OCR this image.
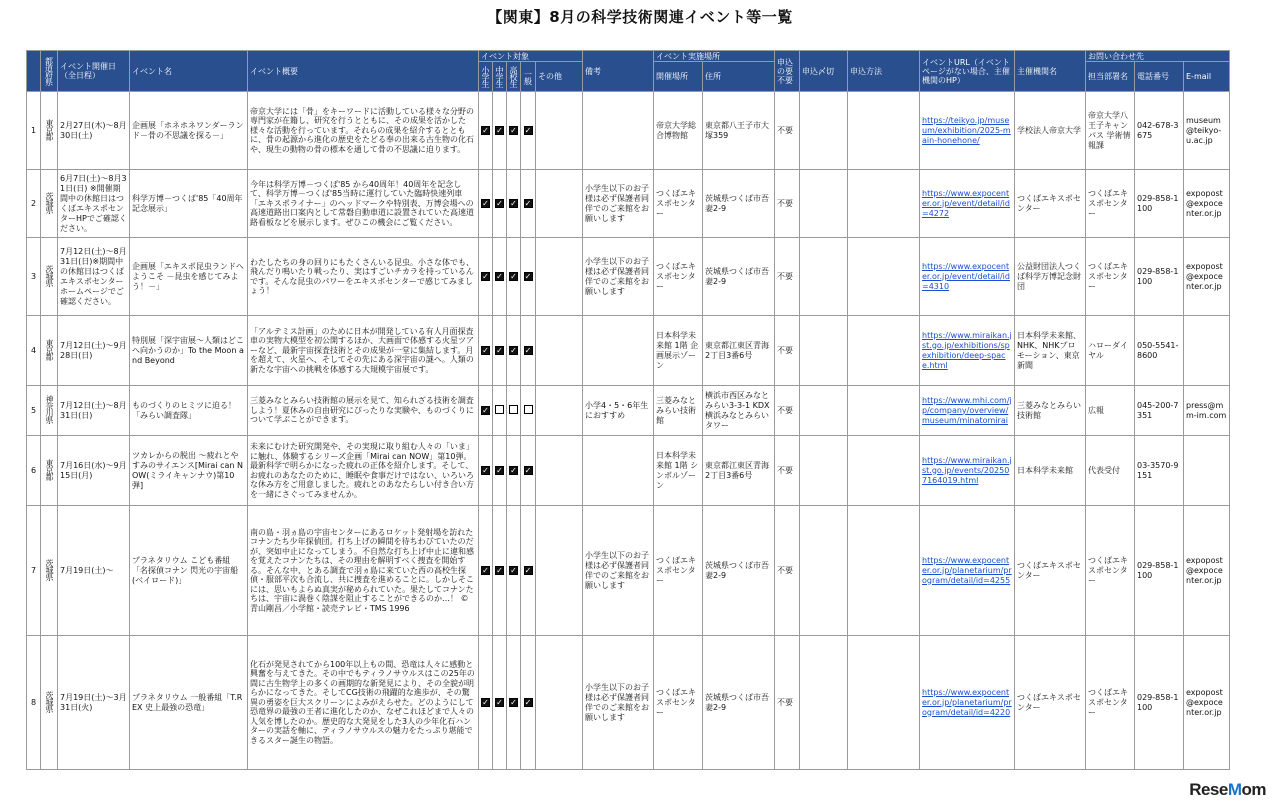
【関東】8月の科学技術関連イベント等一覧

	都道府県	イベント開催日（全日程）	イベント名	イベント概要	イベント対象					備考	イベント実施場所		申込の要不要	申込〆切	申込方法	イベントURL（イベントページがない場合、主催機関のHP）	主催機関名	お問い合わせ先		

					小学生	中学生	高校生	一般	その他		開催場所	住所						担当部署名	電話番号	E-mail
1	東京都	2月27日(木)～8月30日(土)	企画展「ホネホネワンダーランド－骨の不思議を探る－」	帝京大学には「骨」をキーワードに活動している様々な分野の専門家が在籍し、研究を行うとともに、その成果を活かした様々な活動を行っています。それらの成果を紹介するとともに、骨の起源から進化の歴史をたどる奉の出来る古生物の化石や、現生の動物の骨の標本を通して骨の不思議に迫ります。	✓	✓	✓	✓			帝京大学総合博物館	東京都八王子市大塚359	不要			https://teikyo.jp/museum/exhibition/2025-main-honehone/	学校法人帝京大学	帝京大学八王子キャンパス 学術情報課	042-678-3675	museum@teikyo-u.ac.jp
2	茨城県	6月7日(土)～8月31日(日) ※開催期間中の休館日はつくばエキスポセンターHPでご確認ください。	科学万博－つくば'85「40周年記念展示」	今年は科学万博－つくば'85 から40周年！40周年を記念して、科学万博－つくば'85当時に運行していた臨時快速列車「エキスポライナー」のヘッドマークや特別表、万博会場への高速道路出口案内として常磐自動車道に設置されていた高速道路看板などを展示します。ぜひこの機会にご覧ください。	✓	✓	✓	✓		小学生以下のお子様は必ず保護者同伴でのご来館をお願いします	つくばエキスポセンター	茨城県つくば市吾妻2-9	不要			https://www.expocenter.or.jp/event/detail/id=4272	つくばエキスポセンター	つくばエキスポセンター	029-858-1100	expopost@expocenter.or.jp
3	茨城県	7月12日(土)～8月31日(日)※期間中の休館日はつくばエキスポセンターホームページでご確認ください。	企画展「エキスポ昆虫ランドへようこそ －昆虫を感じてみよう！－」	わたしたちの身の回りにもたくさんいる昆虫。小さな体でも、飛んだり鳴いたり戦ったり、実はすごいチカラを持っているんです。そんな昆虫のパワーをエキスポセンターで感じてみましょう！	✓	✓	✓	✓		小学生以下のお子様は必ず保護者同伴でのご来館をお願いします	つくばエキスポセンター	茨城県つくば市吾妻2-9	不要			https://www.expocenter.or.jp/event/detail/id=4310	公益財団法人つくば科学万博記念財団	つくばエキスポセンター	029-858-1100	expopost@expocenter.or.jp
4	東京都	7月12日(土)～9月28日(日)	特別展「深宇宙展～人類はどこへ向かうのか」To the Moon and Beyond	「アルテミス計画」のために日本が開発している有人月面探査車の実物大模型を初公開するほか、大画面で体感する火星ツアーなど、最新宇宙探査技術とその成果が一堂に集結します。月を超えて、火星へ、そしてその先にある深宇宙の謎へ。人類の新たな宇宙への挑戦を体感する大規模宇宙展です。	✓	✓	✓	✓			日本科学未来館 1階 企画展示ゾーン	東京都江東区青海2丁目3番6号	不要			https://www.miraikan.jst.go.jp/exhibitions/spexhibition/deep-space.html	日本科学未来館、NHK、NHKプロモーション、東京新聞	ハローダイヤル	050-5541-8600	
5	神奈川県	7月12日(土)～8月31日(日)	ものづくりのヒミツに迫る！「みらい調査隊」	三菱みなとみらい技術館の展示を見て、知られざる技術を調査しよう！夏休みの自由研究にぴったりな実験や、ものづくりについて学ぶことができます。	✓					小学4・5・6年生におすすめ	三菱みなとみらい技術館	横浜市西区みなとみらい3-3-1 KDX横浜みなとみらいタワー	不要			https://www.mhi.com/jp/company/overview/museum/minatomirai	三菱みなとみらい技術館	広報	045-200-7351	press@mm-im.com
6	東京都	7月16日(水)～9月15日(月)	ツカレからの脱出 ～疲れとやすみのサイエンス[Mirai can NOW(ミライキャンナウ)第10弾]	未来にむけた研究開発や、その実現に取り組む人々の「いま」に触れ、体験するシリーズ企画「Mirai can NOW」第10弾。最新科学で明らかになった疲れの正体を紹介します。そして、お疲れのあなたのために、睡眠や食事だけではない、いろいろな休み方をご用意しました。疲れとのあなたらしい付き合い方を一緒にさぐってみませんか。	✓	✓	✓	✓			日本科学未来館 1階 シンボルゾーン	東京都江東区青海2丁目3番6号	不要			https://www.miraikan.jst.go.jp/events/202507164019.html	日本科学未来館	代表受付	03-3570-9151	
7	茨城県	7月19日(土)～	プラネタリウム こども番組「名探偵コナン 閃光の宇宙船(ベイロード)」	南の島・羽ヵ島の宇宙センターにあるロケット発射場を訪れたコナンたち少年探偵団。打ち上げの瞬間を待ちわびていたのだが、突如中止になってしまう。不自然な打ち上げ中止に違和感を覚えたコナンたちは、その理由を解明すべく捜査を開始する。そんな中、とある調査で羽ヵ島に来ていた西の高校生探偵・服部平次も合流し、共に捜査を進めることに。しかしそこには、思いもよらぬ真実が秘められていた。果たしてコナンたちは、宇宙に渦巻く陰謀を阻止することができるのか…！ ©青山剛昌／小学館・読売テレビ・TMS 1996	✓	✓	✓	✓		小学生以下のお子様は必ず保護者同伴でのご来館をお願いします	つくばエキスポセンター	茨城県つくば市吾妻2-9	不要			https://www.expocenter.or.jp/planetarium/program/detail/id=4255	つくばエキスポセンター	つくばエキスポセンター	029-858-1100	expopost@expocenter.or.jp
8	茨城県	7月19日(土)～3月31日(火)	プラネタリウム 一般番組「T.REX 史上最強の恐竜」	化石が発見されてから100年以上もの間、恐竜は人々に感動と興奮を与えてきた。その中でもティラノサウルスはこの25年の間に古生物学上の多くの画期的な新発見により、その全貌が明らかになってきた。そしてCG技術の飛躍的な進歩が、その驚異の勇姿を巨大スクリーンによみがえらせた。どのようにして恐竜界の最強の王者に進化したのか、なぜこれほどまで人々の人気を博したのか。歴史的な大発見をした3人の少年化石ハンターの実話を軸に、ティラノサウルスの魅力をたっぷり堪能できるスター誕生の物語。	✓	✓	✓	✓		小学生以下のお子様は必ず保護者同伴でのご来館をお願いします	つくばエキスポセンター	茨城県つくば市吾妻2-9	不要			https://www.expocenter.or.jp/planetarium/program/detail/id=4220	つくばエキスポセンター	つくばエキスポセンター	029-858-1100	expopost@expocenter.or.jp
ReseMom
